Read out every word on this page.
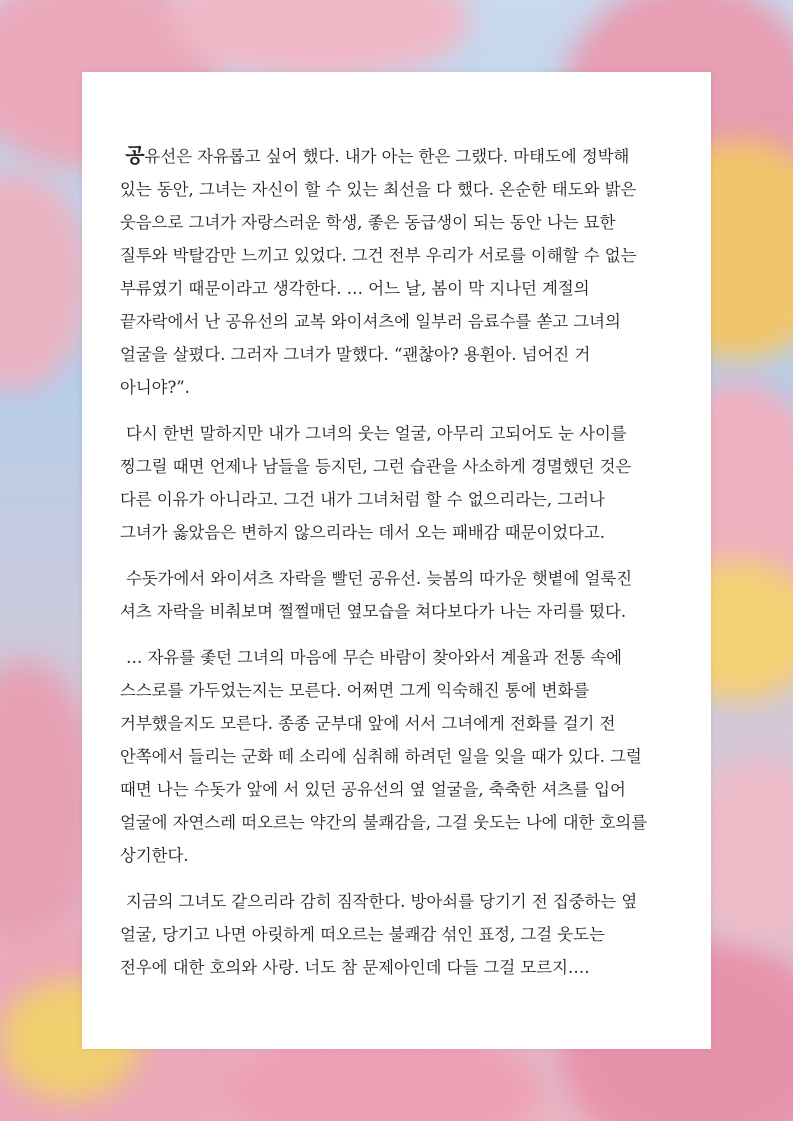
공유선은 자유롭고 싶어 했다. 내가 아는 한은 그랬다. 마태도에 정박해
있는 동안, 그녀는 자신이 할 수 있는 최선을 다 했다. 온순한 태도와 밝은
웃음으로 그녀가 자랑스러운 학생, 좋은 동급생이 되는 동안 나는 묘한
질투와 박탈감만 느끼고 있었다. 그건 전부 우리가 서로를 이해할 수 없는
부류였기 때문이라고 생각한다. … 어느 날, 봄이 막 지나던 계절의
끝자락에서 난 공유선의 교복 와이셔츠에 일부러 음료수를 쏟고 그녀의
얼굴을 살폈다. 그러자 그녀가 말했다. “괜찮아? 용휜아. 넘어진 거
아니야?”.

다시 한번 말하지만 내가 그녀의 웃는 얼굴, 아무리 고되어도 눈 사이를
찡그릴 때면 언제나 남들을 등지던, 그런 습관을 사소하게 경멸했던 것은
다른 이유가 아니라고. 그건 내가 그녀처럼 할 수 없으리라는, 그러나
그녀가 옳았음은 변하지 않으리라는 데서 오는 패배감 때문이었다고.

수돗가에서 와이셔츠 자락을 빨던 공유선. 늦봄의 따가운 햇볕에 얼룩진
셔츠 자락을 비춰보며 쩔쩔매던 옆모습을 쳐다보다가 나는 자리를 떴다.

… 자유를 좇던 그녀의 마음에 무슨 바람이 찾아와서 계율과 전통 속에
스스로를 가두었는지는 모른다. 어쩌면 그게 익숙해진 통에 변화를
거부했을지도 모른다. 종종 군부대 앞에 서서 그녀에게 전화를 걸기 전
안쪽에서 들리는 군화 떼 소리에 심취해 하려던 일을 잊을 때가 있다. 그럴
때면 나는 수돗가 앞에 서 있던 공유선의 옆 얼굴을, 축축한 셔츠를 입어
얼굴에 자연스레 떠오르는 약간의 불쾌감을, 그걸 웃도는 나에 대한 호의를
상기한다.

지금의 그녀도 같으리라 감히 짐작한다. 방아쇠를 당기기 전 집중하는 옆
얼굴, 당기고 나면 아릿하게 떠오르는 불쾌감 섞인 표정, 그걸 웃도는
전우에 대한 호의와 사랑. 너도 참 문제아인데 다들 그걸 모르지….
